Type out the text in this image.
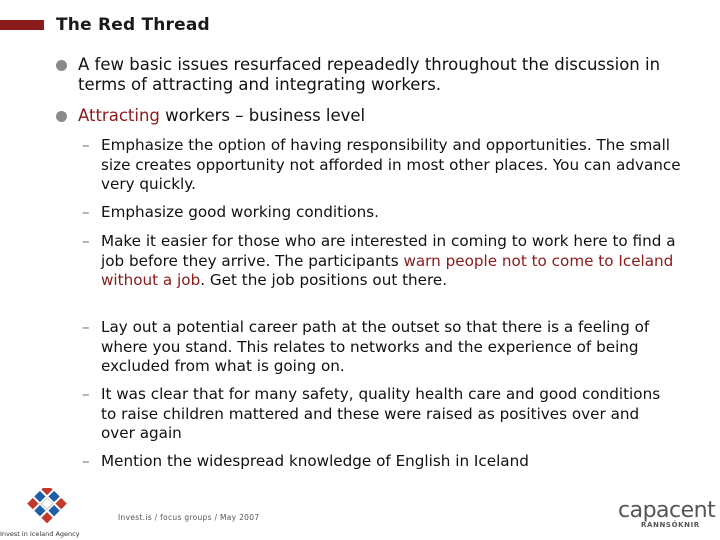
The Red Thread
A few basic issues resurfaced repeadedly throughout the discussion in terms of attracting and integrating workers.
Attracting workers – business level
– Emphasize the option of having responsibility and opportunities. The small size creates opportunity not afforded in most other places. You can advance very quickly.
– Emphasize good working conditions.
– Make it easier for those who are interested in coming to work here to find a job before they arrive. The participants warn people not to come to Iceland without a job. Get the job positions out there.
– Lay out a potential career path at the outset so that there is a feeling of where you stand. This relates to networks and the experience of being excluded from what is going on.
– It was clear that for many safety, quality health care and good conditions to raise children mattered and these were raised as positives over and over again
– Mention the widespread knowledge of English in Iceland
Invest in Iceland Agency
Invest.is / focus groups / May 2007	capacent
RANNSÓKNIR
